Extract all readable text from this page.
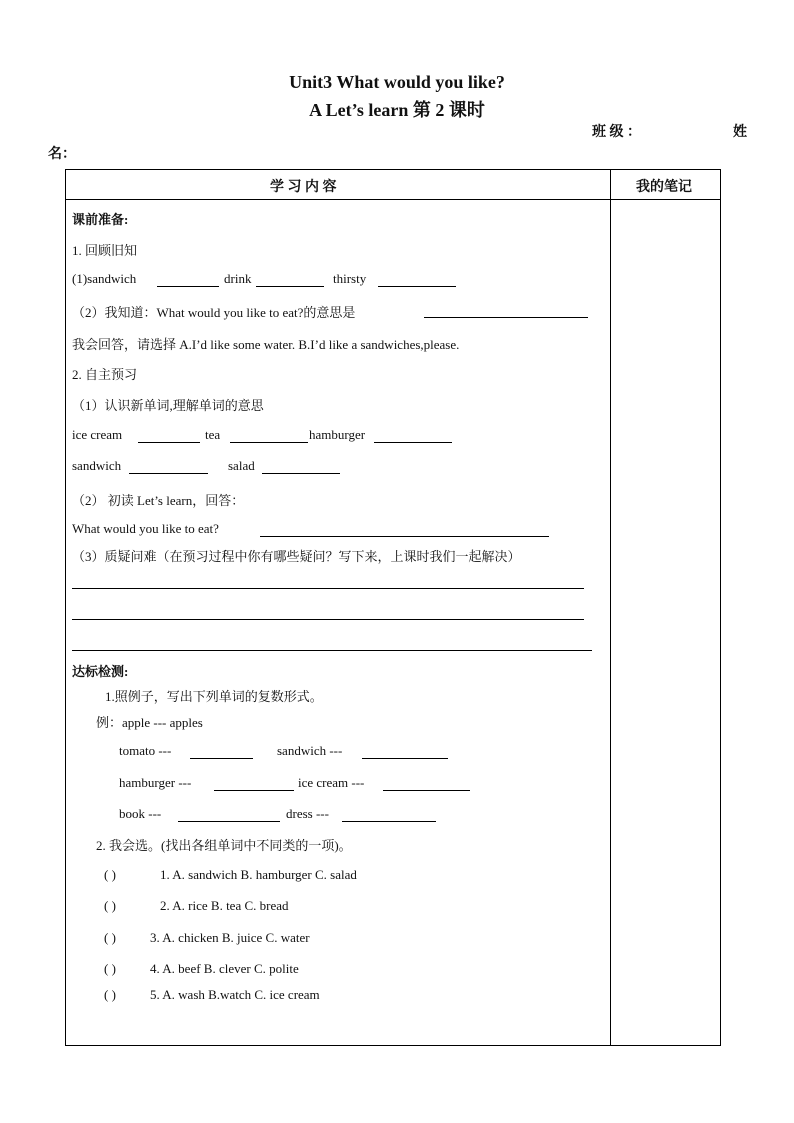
Unit3 What would you like?
A Let’s learn 第 2 课时
班 级 ：	姓
名：
学 习 内 容	我的笔记
课前准备:
1. 回顾旧知
(1)sandwich	drink	thirsty
（2）我知道：What would you like to eat?的意思是
我会回答，请选择 A.I’d like some water. B.I’d like a sandwiches,please.
2. 自主预习
（1）认识新单词,理解单词的意思
ice cream	tea	hamburger
sandwich	salad
（2） 初读 Let’s learn，回答：
What would you like to eat?
（3）质疑问难（在预习过程中你有哪些疑问？写下来，上课时我们一起解决）
达标检测:
1.照例子，写出下列单词的复数形式。
例：apple --- apples
tomato ---	sandwich ---
hamburger ---	ice cream ---
book ---	dress ---
2. 我会选。(找出各组单词中不同类的一项)。
( )	1. A. sandwich B. hamburger C. salad
( )	2. A. rice B. tea C. bread
( )	3. A. chicken B. juice C. water
( )	4. A. beef B. clever C. polite
( )	5. A. wash B.watch C. ice cream
